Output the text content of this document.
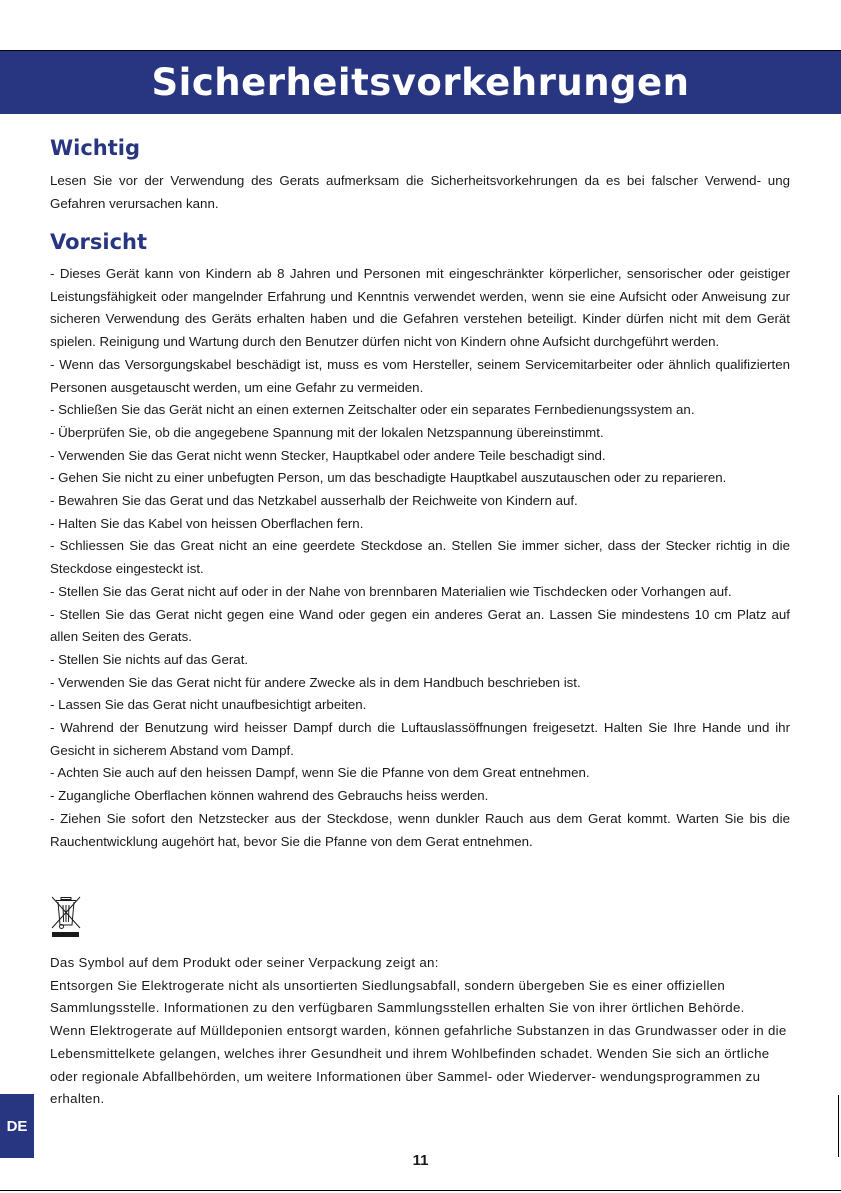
Sicherheitsvorkehrungen
Wichtig

Lesen Sie vor der Verwendung des Gerats aufmerksam die Sicherheitsvorkehrungen da es bei falscher Verwend- ung Gefahren verursachen kann.

Vorsicht

- Dieses Gerät kann von Kindern ab 8 Jahren und Personen mit eingeschränkter körperlicher, sensorischer oder geistiger Leistungsfähigkeit oder mangelnder Erfahrung und Kenntnis verwendet werden, wenn sie eine Aufsicht oder Anweisung zur sicheren Verwendung des Geräts erhalten haben und die Gefahren verstehen beteiligt. Kinder dürfen nicht mit dem Gerät spielen. Reinigung und Wartung durch den Benutzer dürfen nicht von Kindern ohne Aufsicht durchgeführt werden.

- Wenn das Versorgungskabel beschädigt ist, muss es vom Hersteller, seinem Servicemitarbeiter oder ähnlich qualifizierten Personen ausgetauscht werden, um eine Gefahr zu vermeiden.

- Schließen Sie das Gerät nicht an einen externen Zeitschalter oder ein separates Fernbedienungssystem an.

- Überprüfen Sie, ob die angegebene Spannung mit der lokalen Netzspannung übereinstimmt.

- Verwenden Sie das Gerat nicht wenn Stecker, Hauptkabel oder andere Teile beschadigt sind.

- Gehen Sie nicht zu einer unbefugten Person, um das beschadigte Hauptkabel auszutauschen oder zu reparieren.

- Bewahren Sie das Gerat und das Netzkabel ausserhalb der Reichweite von Kindern auf.

- Halten Sie das Kabel von heissen Oberflachen fern.

- Schliessen Sie das Great nicht an eine geerdete Steckdose an. Stellen Sie immer sicher, dass der Stecker richtig in die Steckdose eingesteckt ist.

- Stellen Sie das Gerat nicht auf oder in der Nahe von brennbaren Materialien wie Tischdecken oder Vorhangen auf.

- Stellen Sie das Gerat nicht gegen eine Wand oder gegen ein anderes Gerat an. Lassen Sie mindestens 10 cm Platz auf allen Seiten des Gerats.

- Stellen Sie nichts auf das Gerat.

- Verwenden Sie das Gerat nicht für andere Zwecke als in dem Handbuch beschrieben ist.

- Lassen Sie das Gerat nicht unaufbesichtigt arbeiten.

- Wahrend der Benutzung wird heisser Dampf durch die Luftauslassöffnungen freigesetzt. Halten Sie Ihre Hande und ihr Gesicht in sicherem Abstand vom Dampf.

- Achten Sie auch auf den heissen Dampf, wenn Sie die Pfanne von dem Great entnehmen.

- Zugangliche Oberflachen können wahrend des Gebrauchs heiss werden.

- Ziehen Sie sofort den Netzstecker aus der Steckdose, wenn dunkler Rauch aus dem Gerat kommt. Warten Sie bis die Rauchentwicklung augehört hat, bevor Sie die Pfanne von dem Gerat entnehmen.

Das Symbol auf dem Produkt oder seiner Verpackung zeigt an:

Entsorgen Sie Elektrogerate nicht als unsortierten Siedlungsabfall, sondern übergeben Sie es einer offiziellen Sammlungsstelle. Informationen zu den verfügbaren Sammlungsstellen erhalten Sie von ihrer örtlichen Behörde.

Wenn Elektrogerate auf Mülldeponien entsorgt warden, können gefahrliche Substanzen in das Grundwasser oder in die Lebensmittelkete gelangen, welches ihrer Gesundheit und ihrem Wohlbefinden schadet. Wenden Sie sich an örtliche oder regionale Abfallbehörden, um weitere Informationen über Sammel- oder Wiederver- wendungsprogrammen zu erhalten.

DE
11
